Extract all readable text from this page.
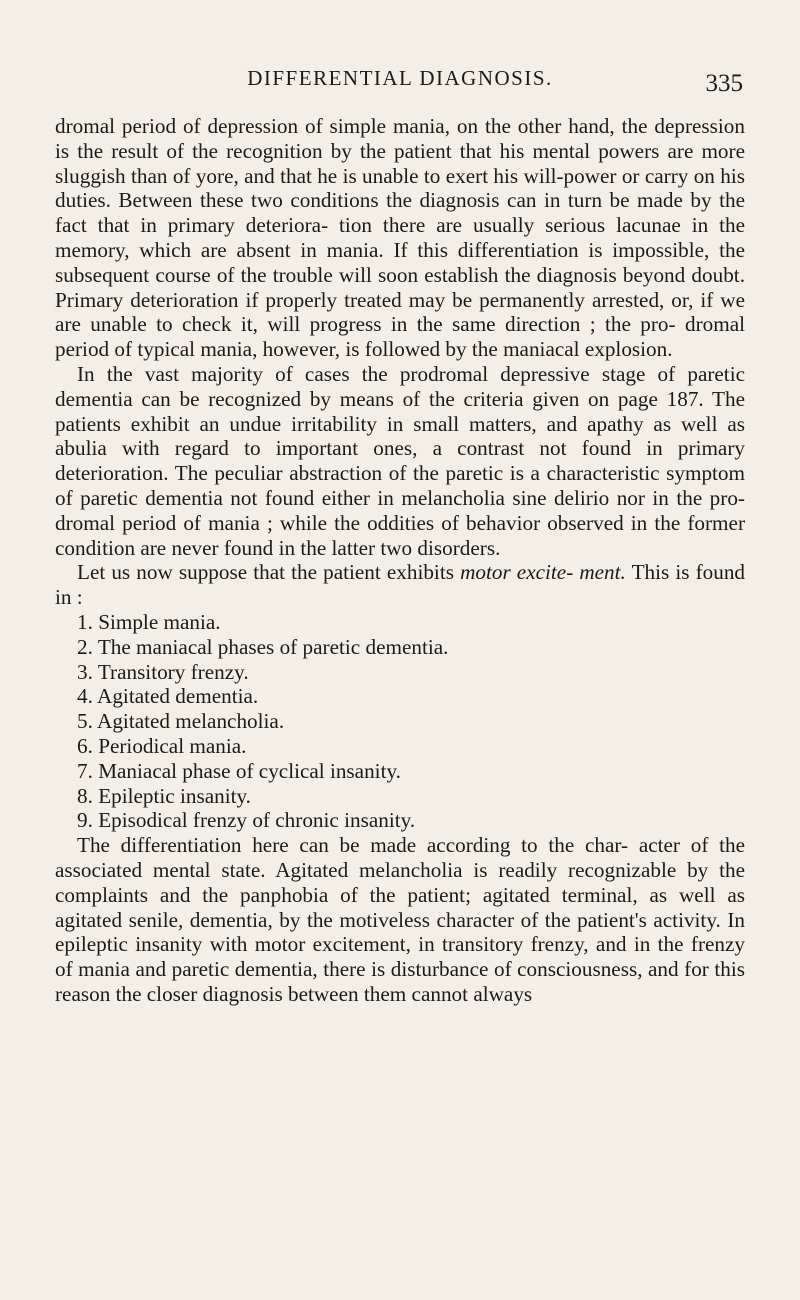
DIFFERENTIAL DIAGNOSIS.	335

dromal period of depression of simple mania, on the other hand, the depression is the result of the recognition by the patient that his mental powers are more sluggish than of yore, and that he is unable to exert his will-power or carry on his duties. Between these two conditions the diagnosis can in turn be made by the fact that in primary deteriora- tion there are usually serious lacunae in the memory, which are absent in mania. If this differentiation is impossible, the subsequent course of the trouble will soon establish the diagnosis beyond doubt. Primary deterioration if properly treated may be permanently arrested, or, if we are unable to check it, will progress in the same direction ; the pro- dromal period of typical mania, however, is followed by the maniacal explosion.

In the vast majority of cases the prodromal depressive stage of paretic dementia can be recognized by means of the criteria given on page 187. The patients exhibit an undue irritability in small matters, and apathy as well as abulia with regard to important ones, a contrast not found in primary deterioration. The peculiar abstraction of the paretic is a characteristic symptom of paretic dementia not found either in melancholia sine delirio nor in the pro- dromal period of mania ; while the oddities of behavior observed in the former condition are never found in the latter two disorders.

Let us now suppose that the patient exhibits motor excite- ment. This is found in :

1. Simple mania.
2. The maniacal phases of paretic dementia.
3. Transitory frenzy.
4. Agitated dementia.
5. Agitated melancholia.
6. Periodical mania.
7. Maniacal phase of cyclical insanity.
8. Epileptic insanity.
9. Episodical frenzy of chronic insanity.

The differentiation here can be made according to the char- acter of the associated mental state. Agitated melancholia is readily recognizable by the complaints and the panphobia of the patient; agitated terminal, as well as agitated senile, dementia, by the motiveless character of the patient's activity. In epileptic insanity with motor excitement, in transitory frenzy, and in the frenzy of mania and paretic dementia, there is disturbance of consciousness, and for this reason the closer diagnosis between them cannot always
